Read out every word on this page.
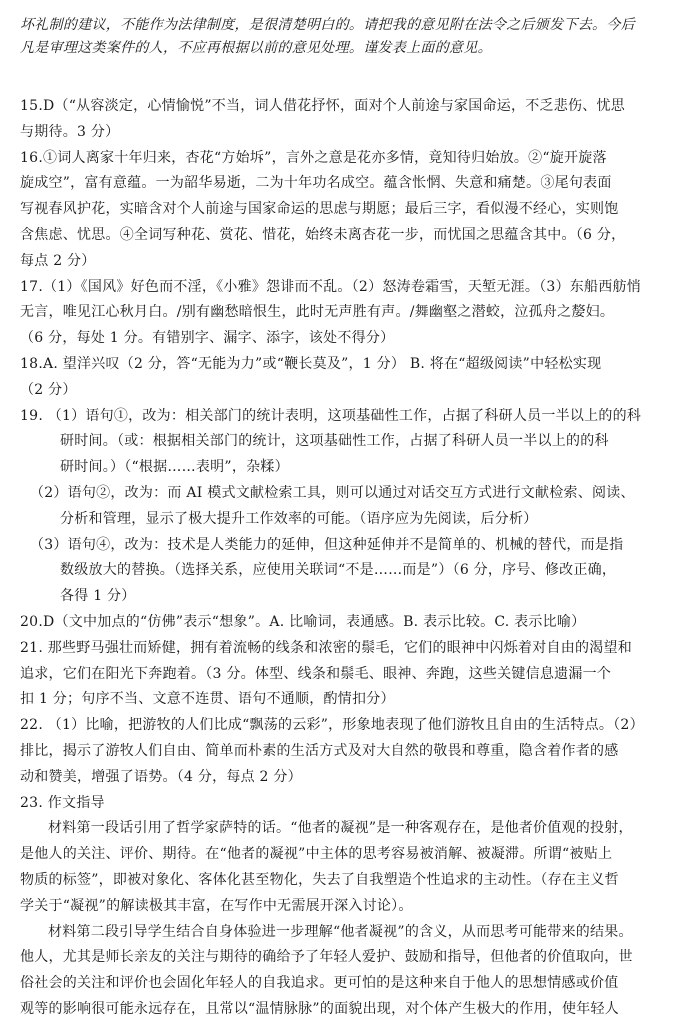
坏礼制的建议，不能作为法律制度，是很清楚明白的。请把我的意见附在法令之后颁发下去。今后

凡是审理这类案件的人，不应再根据以前的意见处理。谨发表上面的意见。

15.D（“从容淡定，心情愉悦”不当，词人借花抒怀，面对个人前途与家国命运，不乏悲伤、忧思

与期待。3 分）

16.①词人离家十年归来，杏花“方始坼”，言外之意是花亦多情，竟知待归始放。②“旋开旋落

旋成空”，富有意蕴。一为韶华易逝，二为十年功名成空。蕴含怅惘、失意和痛楚。③尾句表面

写视春风护花，实暗含对个人前途与国家命运的思虑与期愿；最后三字，看似漫不经心，实则饱

含焦虑、忧思。④全词写种花、赏花、惜花，始终未离杏花一步，而忧国之思蕴含其中。（6 分，

每点 2 分）

17.（1）《国风》好色而不淫，《小雅》怨诽而不乱。（2）怒涛卷霜雪，天堑无涯。（3）东船西舫悄

无言，唯见江心秋月白。/别有幽愁暗恨生，此时无声胜有声。/舞幽壑之潜蛟，泣孤舟之嫠妇。

（6 分，每处 1 分。有错别字、漏字、添字，该处不得分）

18.A. 望洋兴叹（2 分，答“无能为力”或“鞭长莫及”，1 分） B. 将在“超级阅读”中轻松实现

（2 分）

19. （1）语句①，改为：相关部门的统计表明，这项基础性工作，占据了科研人员一半以上的的科

研时间。（或：根据相关部门的统计，这项基础性工作，占据了科研人员一半以上的的科

研时间。）（“根据……表明”，杂糅）

（2）语句②，改为：而 AI 模式文献检索工具，则可以通过对话交互方式进行文献检索、阅读、

分析和管理，显示了极大提升工作效率的可能。（语序应为先阅读，后分析）

（3）语句④，改为：技术是人类能力的延伸，但这种延伸并不是简单的、机械的替代，而是指

数级放大的替换。（选择关系，应使用关联词“不是……而是”）（6 分，序号、修改正确，

各得 1 分）

20.D（文中加点的“仿佛”表示“想象”。A. 比喻词，表通感。B. 表示比较。C. 表示比喻）

21. 那些野马强壮而矫健，拥有着流畅的线条和浓密的鬃毛，它们的眼神中闪烁着对自由的渴望和

追求，它们在阳光下奔跑着。（3 分。体型、线条和鬃毛、眼神、奔跑，这些关键信息遗漏一个

扣 1 分；句序不当、文意不连贯、语句不通顺，酌情扣分）

22. （1）比喻，把游牧的人们比成“飘荡的云彩”，形象地表现了他们游牧且自由的生活特点。（2）

排比，揭示了游牧人们自由、简单而朴素的生活方式及对大自然的敬畏和尊重，隐含着作者的感

动和赞美，增强了语势。（4 分，每点 2 分）

23. 作文指导

材料第一段话引用了哲学家萨特的话。“他者的凝视”是一种客观存在，是他者价值观的投射，

是他人的关注、评价、期待。在“他者的凝视”中主体的思考容易被消解、被凝滞。所谓“被贴上

物质的标签”，即被对象化、客体化甚至物化，失去了自我塑造个性追求的主动性。（存在主义哲

学关于“凝视”的解读极其丰富，在写作中无需展开深入讨论）。

材料第二段引导学生结合自身体验进一步理解“他者凝视”的含义，从而思考可能带来的结果。

他人，尤其是师长亲友的关注与期待的确给予了年轻人爱护、鼓励和指导，但他者的价值取向，世

俗社会的关注和评价也会固化年轻人的自我追求。更可怕的是这种来自于他人的思想情感或价值

观等的影响很可能永远存在，且常以“温情脉脉”的面貌出现，对个体产生极大的作用，使年轻人
